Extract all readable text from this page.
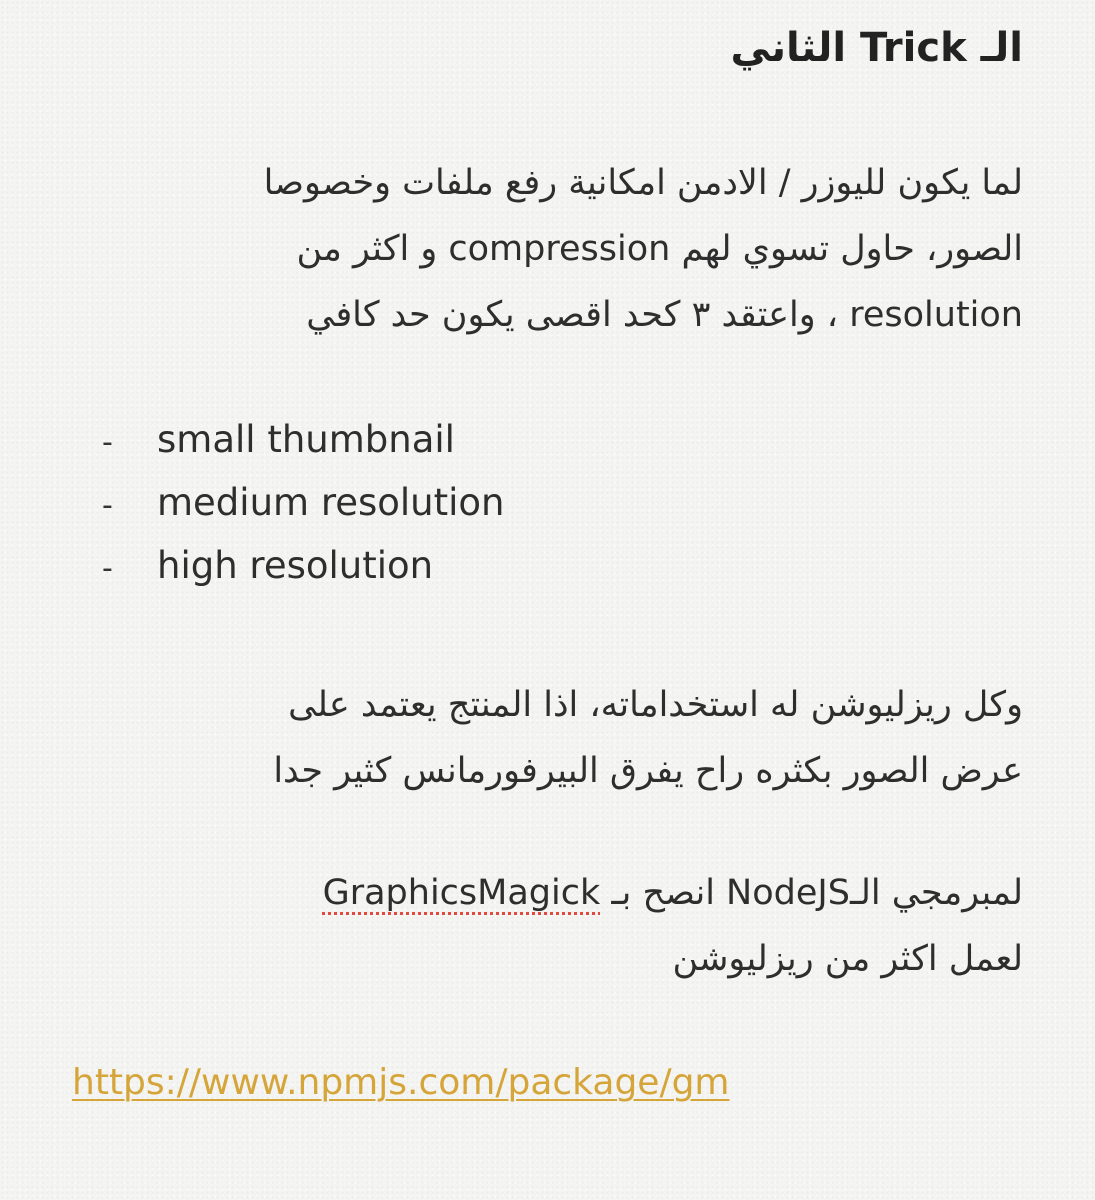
الـ Trick الثاني
لما يكون لليوزر / الادمن امكانية رفع ملفات وخصوصا
الصور، حاول تسوي لهم compression و اكثر من
resolution ، واعتقد ٣ كحد اقصى يكون حد كافي
- small thumbnail
- medium resolution
- high resolution
وكل ريزليوشن له استخداماته، اذا المنتج يعتمد على
عرض الصور بكثره راح يفرق البيرفورمانس كثير جدا
لمبرمجي الـNodeJS انصح بـ GraphicsMagick
لعمل اكثر من ريزليوشن
https://www.npmjs.com/package/gm
